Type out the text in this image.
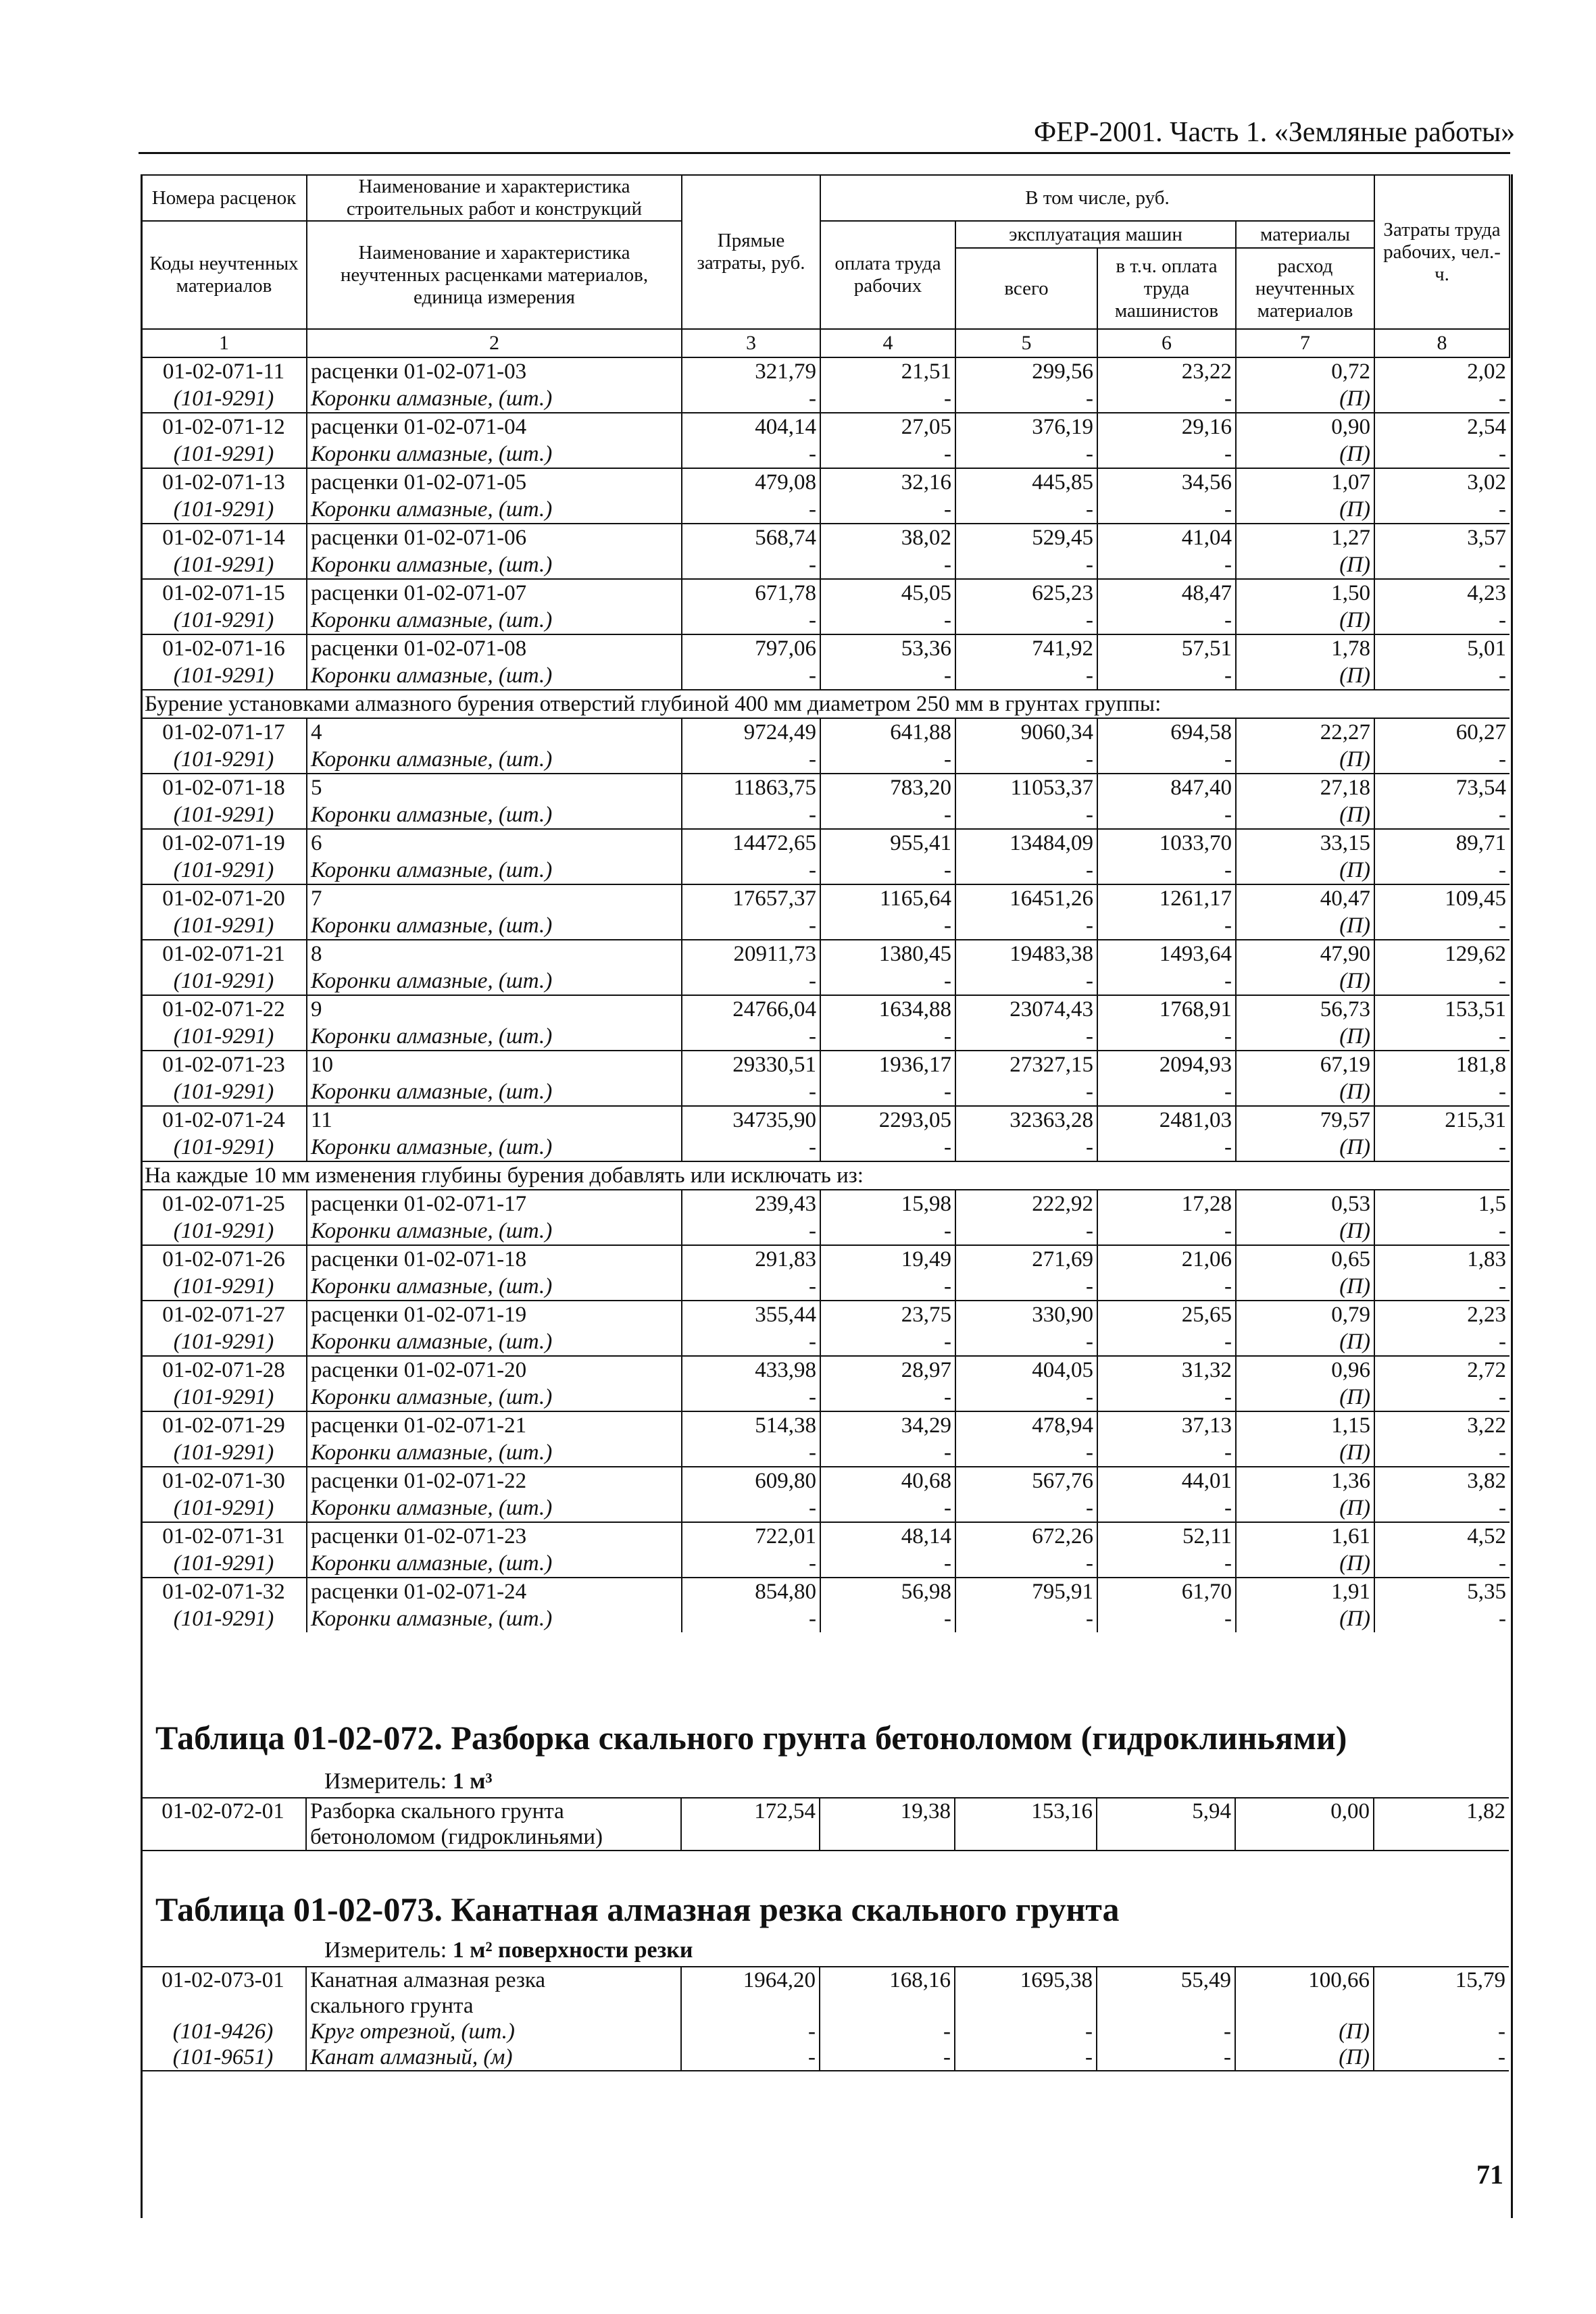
ФЕР-2001. Часть 1. «Земляные работы»
Номера расценок	Наименование и характеристика строительных работ и конструкций	Прямые затраты, руб.	В том числе, руб.				Затраты труда рабочих, чел.-ч.
Коды неучтенных материалов	Наименование и характеристика неучтенных расценками материалов, единица измерения		оплата труда рабочих	эксплуатация машин		материалы	
				всего	в т.ч. оплата труда машинистов	расход неучтенных материалов	

1	2	3	4	5	6	7	8
01-02-071-11	расценки 01-02-071-03	321,79	21,51	299,56	23,22	0,72	2,02
(101-9291)	Коронки алмазные, (шт.)	-	-	-	-	(П)	-
01-02-071-12	расценки 01-02-071-04	404,14	27,05	376,19	29,16	0,90	2,54
(101-9291)	Коронки алмазные, (шт.)	-	-	-	-	(П)	-
01-02-071-13	расценки 01-02-071-05	479,08	32,16	445,85	34,56	1,07	3,02
(101-9291)	Коронки алмазные, (шт.)	-	-	-	-	(П)	-
01-02-071-14	расценки 01-02-071-06	568,74	38,02	529,45	41,04	1,27	3,57
(101-9291)	Коронки алмазные, (шт.)	-	-	-	-	(П)	-
01-02-071-15	расценки 01-02-071-07	671,78	45,05	625,23	48,47	1,50	4,23
(101-9291)	Коронки алмазные, (шт.)	-	-	-	-	(П)	-
01-02-071-16	расценки 01-02-071-08	797,06	53,36	741,92	57,51	1,78	5,01
(101-9291)	Коронки алмазные, (шт.)	-	-	-	-	(П)	-
Бурение установками алмазного бурения отверстий глубиной 400 мм диаметром 250 мм в грунтах группы:							
01-02-071-17	4	9724,49	641,88	9060,34	694,58	22,27	60,27
(101-9291)	Коронки алмазные, (шт.)	-	-	-	-	(П)	-
01-02-071-18	5	11863,75	783,20	11053,37	847,40	27,18	73,54
(101-9291)	Коронки алмазные, (шт.)	-	-	-	-	(П)	-
01-02-071-19	6	14472,65	955,41	13484,09	1033,70	33,15	89,71
(101-9291)	Коронки алмазные, (шт.)	-	-	-	-	(П)	-
01-02-071-20	7	17657,37	1165,64	16451,26	1261,17	40,47	109,45
(101-9291)	Коронки алмазные, (шт.)	-	-	-	-	(П)	-
01-02-071-21	8	20911,73	1380,45	19483,38	1493,64	47,90	129,62
(101-9291)	Коронки алмазные, (шт.)	-	-	-	-	(П)	-
01-02-071-22	9	24766,04	1634,88	23074,43	1768,91	56,73	153,51
(101-9291)	Коронки алмазные, (шт.)	-	-	-	-	(П)	-
01-02-071-23	10	29330,51	1936,17	27327,15	2094,93	67,19	181,8
(101-9291)	Коронки алмазные, (шт.)	-	-	-	-	(П)	-
01-02-071-24	11	34735,90	2293,05	32363,28	2481,03	79,57	215,31
(101-9291)	Коронки алмазные, (шт.)	-	-	-	-	(П)	-
На каждые 10 мм изменения глубины бурения добавлять или исключать из:							
01-02-071-25	расценки 01-02-071-17	239,43	15,98	222,92	17,28	0,53	1,5
(101-9291)	Коронки алмазные, (шт.)	-	-	-	-	(П)	-
01-02-071-26	расценки 01-02-071-18	291,83	19,49	271,69	21,06	0,65	1,83
(101-9291)	Коронки алмазные, (шт.)	-	-	-	-	(П)	-
01-02-071-27	расценки 01-02-071-19	355,44	23,75	330,90	25,65	0,79	2,23
(101-9291)	Коронки алмазные, (шт.)	-	-	-	-	(П)	-
01-02-071-28	расценки 01-02-071-20	433,98	28,97	404,05	31,32	0,96	2,72
(101-9291)	Коронки алмазные, (шт.)	-	-	-	-	(П)	-
01-02-071-29	расценки 01-02-071-21	514,38	34,29	478,94	37,13	1,15	3,22
(101-9291)	Коронки алмазные, (шт.)	-	-	-	-	(П)	-
01-02-071-30	расценки 01-02-071-22	609,80	40,68	567,76	44,01	1,36	3,82
(101-9291)	Коронки алмазные, (шт.)	-	-	-	-	(П)	-
01-02-071-31	расценки 01-02-071-23	722,01	48,14	672,26	52,11	1,61	4,52
(101-9291)	Коронки алмазные, (шт.)	-	-	-	-	(П)	-
01-02-071-32	расценки 01-02-071-24	854,80	56,98	795,91	61,70	1,91	5,35
(101-9291)	Коронки алмазные, (шт.)	-	-	-	-	(П)	-
Таблица 01-02-072. Разборка скального грунта бетоноломом (гидроклиньями)
Измеритель: 1 м³
01-02-072-01	Разборка скального грунта	172,54	19,38	153,16	5,94	0,00	1,82
	бетоноломом (гидроклиньями)						
Таблица 01-02-073. Канатная алмазная резка скального грунта
Измеритель: 1 м² поверхности резки
01-02-073-01	Канатная алмазная резка	1964,20	168,16	1695,38	55,49	100,66	15,79
	скального грунта						
(101-9426)	Круг отрезной, (шт.)	-	-	-	-	(П)	-
(101-9651)	Канат алмазный, (м)	-	-	-	-	(П)	-
71
